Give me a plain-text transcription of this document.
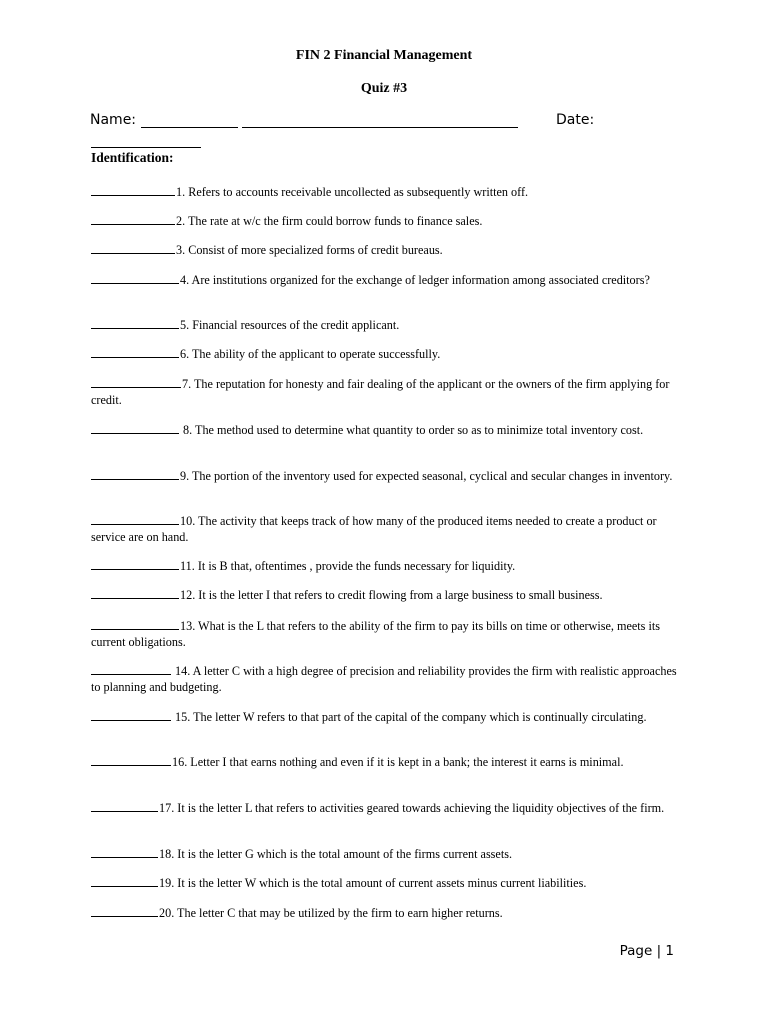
FIN 2 Financial Management
Quiz #3
Name:	Date:
Identification:
1. Refers to accounts receivable uncollected as subsequently written off.
2. The rate at w/c the firm could borrow funds to finance sales.
3. Consist of more specialized forms of credit bureaus.
4. Are institutions organized for the exchange of ledger information among associated creditors?
5. Financial resources of the credit applicant.
6. The ability of the applicant to operate successfully.
7. The reputation for honesty and fair dealing of the applicant or the owners of the firm applying for credit.
8. The method used to determine what quantity to order so as to minimize total inventory cost.
9. The portion of the inventory used for expected seasonal, cyclical and secular changes in inventory.
10. The activity that keeps track of how many of the produced items needed to create a product or service are on hand.
11. It is B that, oftentimes , provide the funds necessary for liquidity.
12. It is the letter I that refers to credit flowing from a large business to small business.
13. What is the L that refers to the ability of the firm to pay its bills on time or otherwise, meets its current obligations.
14. A letter C with a high degree of precision and reliability provides the firm with realistic approaches to planning and budgeting.
15. The letter W refers to that part of the capital of the company which is continually circulating.
16. Letter I that earns nothing and even if it is kept in a bank; the interest it earns is minimal.
17. It is the letter L that refers to activities geared towards achieving the liquidity objectives of the firm.
18. It is the letter G which is the total amount of the firms current assets.
19. It is the letter W which is the total amount of current assets minus current liabilities.
20. The letter C that may be utilized by the firm to earn higher returns.
Page | 1
